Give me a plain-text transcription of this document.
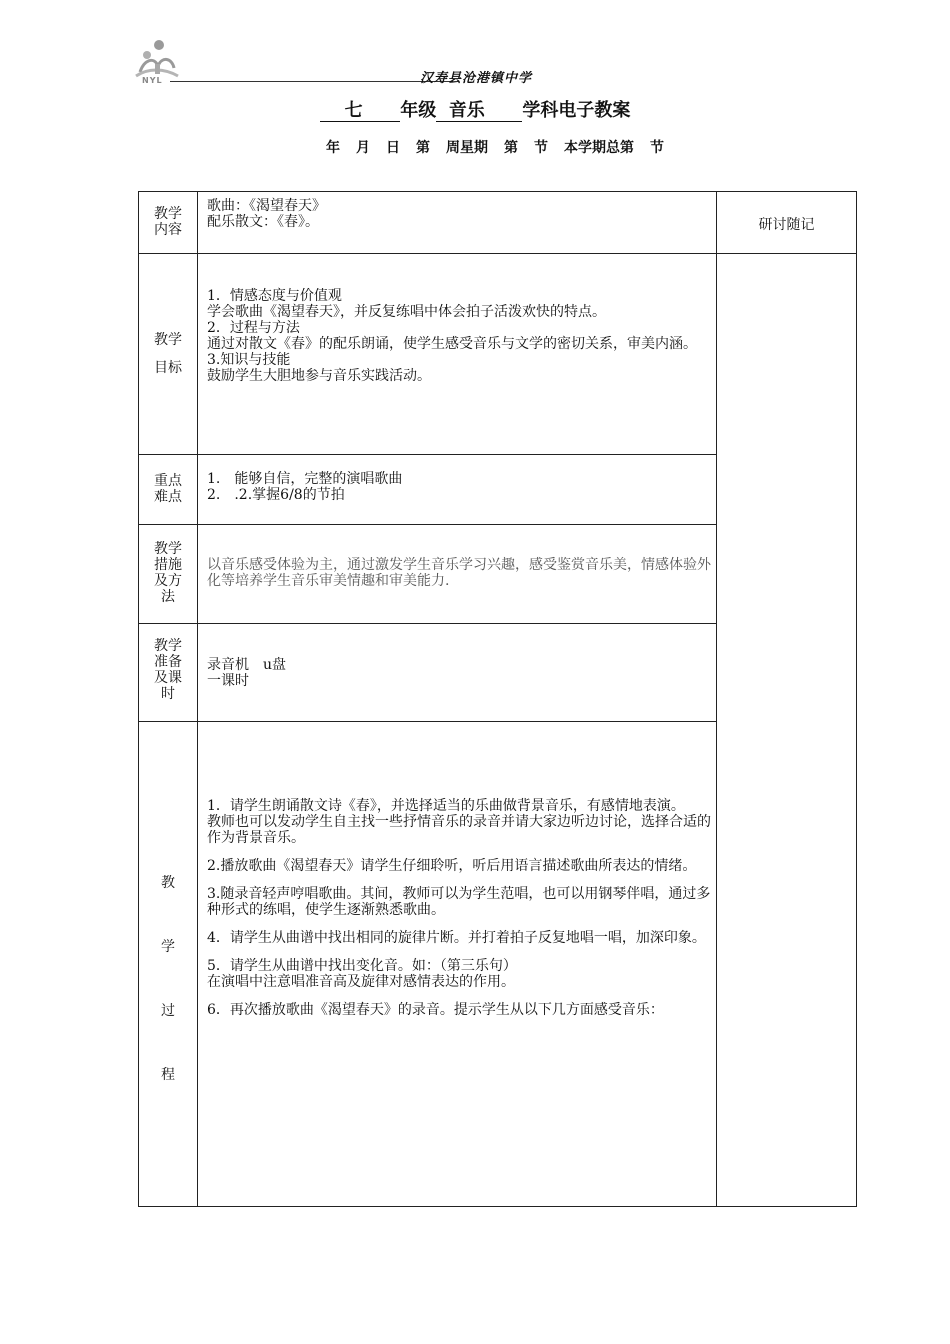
NYL	汉寿县沧港镇中学
七 年级 音乐 学科电子教案
年 月 日 第 周星期 第 节 本学期总第 节
教学内容

歌曲：《渴望春天》

配乐散文：《春》。	研讨随记
教学
目标

1．情感态度与价值观

学会歌曲《渴望春天》，并反复练唱中体会拍子活泼欢快的特点。

2．过程与方法

通过对散文《春》的配乐朗诵，使学生感受音乐与文学的密切关系，审美内涵。

3.知识与技能

鼓励学生大胆地参与音乐实践活动。

重点难点

1.　能够自信，完整的演唱歌曲

2.　.2.掌握6/8的节拍

教学措施及方法
以音乐感受体验为主，通过激发学生音乐学习兴趣，感受鉴赏音乐美，情感体验外化等培养学生音乐审美情趣和审美能力.
教学准备及课时

录音机　u盘

一课时

教
学
过
程

1．请学生朗诵散文诗《春》，并选择适当的乐曲做背景音乐，有感情地表演。

教师也可以发动学生自主找一些抒情音乐的录音并请大家边听边讨论，选择合适的作为背景音乐。

2.播放歌曲《渴望春天》请学生仔细聆听，听后用语言描述歌曲所表达的情绪。

3.随录音轻声哼唱歌曲。其间，教师可以为学生范唱，也可以用钢琴伴唱，通过多种形式的练唱，使学生逐渐熟悉歌曲。

4．请学生从曲谱中找出相同的旋律片断。并打着拍子反复地唱一唱，加深印象。

5．请学生从曲谱中找出变化音。如：（第三乐句）

在演唱中注意唱准音高及旋律对感情表达的作用。

6．再次播放歌曲《渴望春天》的录音。提示学生从以下几方面感受音乐：
